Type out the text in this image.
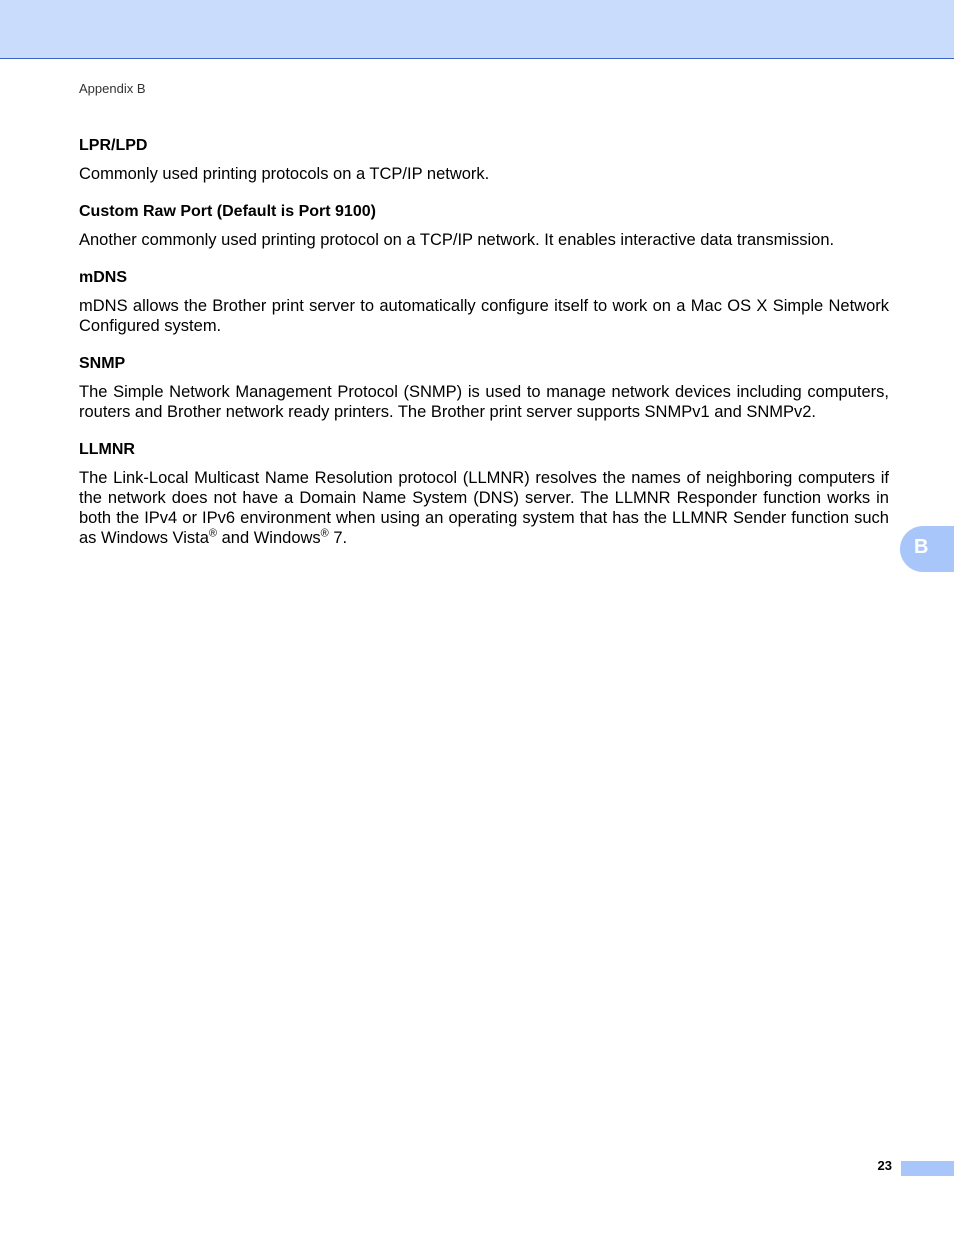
Appendix B
LPR/LPD

Commonly used printing protocols on a TCP/IP network.

Custom Raw Port (Default is Port 9100)

Another commonly used printing protocol on a TCP/IP network. It enables interactive data transmission.

mDNS

mDNS allows the Brother print server to automatically configure itself to work on a Mac OS X Simple Network Configured system.

SNMP

The Simple Network Management Protocol (SNMP) is used to manage network devices including computers, routers and Brother network ready printers. The Brother print server supports SNMPv1 and SNMPv2.

LLMNR

The Link-Local Multicast Name Resolution protocol (LLMNR) resolves the names of neighboring computers if the network does not have a Domain Name System (DNS) server. The LLMNR Responder function works in both the IPv4 or IPv6 environment when using an operating system that has the LLMNR Sender function such as Windows Vista® and Windows® 7.	B
23
